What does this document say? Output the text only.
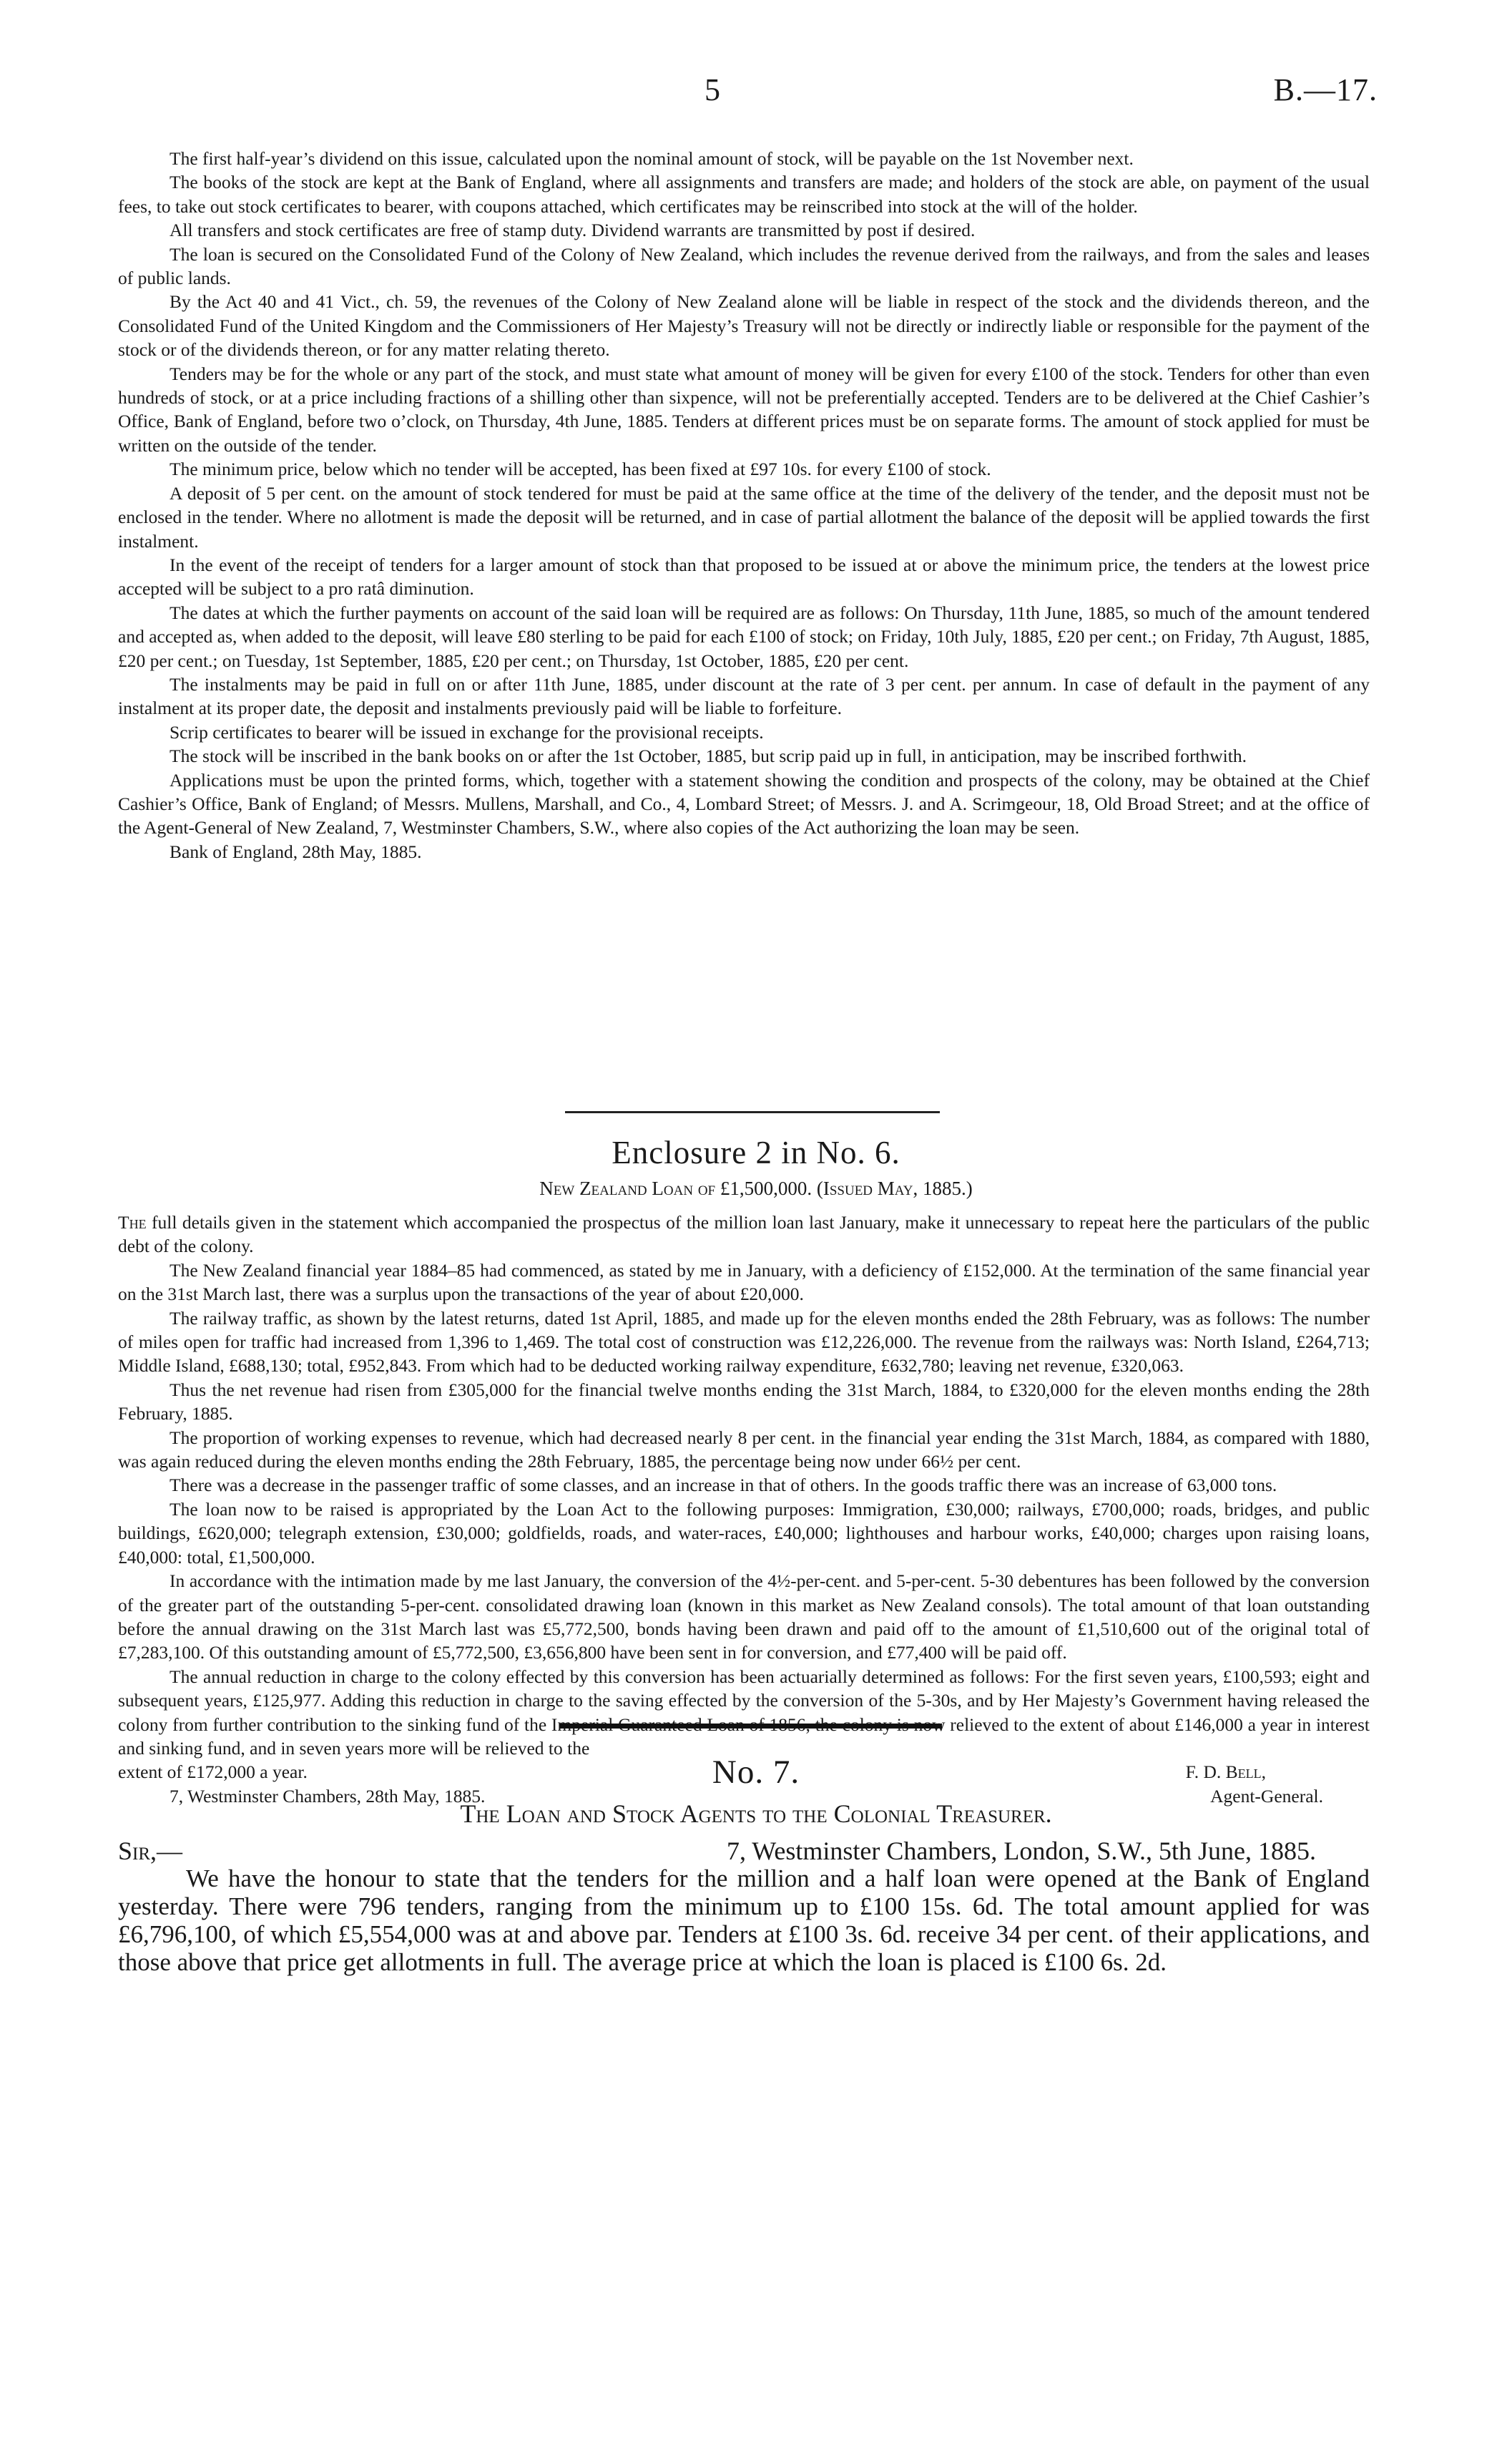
5	B.—17.

The first half-year’s dividend on this issue, calculated upon the nominal amount of stock, will be payable on the 1st November next.

The books of the stock are kept at the Bank of England, where all assignments and transfers are made; and holders of the stock are able, on payment of the usual fees, to take out stock certificates to bearer, with coupons attached, which certificates may be reinscribed into stock at the will of the holder.

All transfers and stock certificates are free of stamp duty. Dividend warrants are transmitted by post if desired.

The loan is secured on the Consolidated Fund of the Colony of New Zealand, which includes the revenue derived from the railways, and from the sales and leases of public lands.

By the Act 40 and 41 Vict., ch. 59, the revenues of the Colony of New Zealand alone will be liable in respect of the stock and the dividends thereon, and the Consolidated Fund of the United Kingdom and the Commissioners of Her Majesty’s Treasury will not be directly or indirectly liable or responsible for the payment of the stock or of the dividends thereon, or for any matter relating thereto.

Tenders may be for the whole or any part of the stock, and must state what amount of money will be given for every £100 of the stock. Tenders for other than even hundreds of stock, or at a price including fractions of a shilling other than sixpence, will not be preferentially accepted. Tenders are to be delivered at the Chief Cashier’s Office, Bank of England, before two o’clock, on Thursday, 4th June, 1885. Tenders at different prices must be on separate forms. The amount of stock applied for must be written on the outside of the tender.

The minimum price, below which no tender will be accepted, has been fixed at £97 10s. for every £100 of stock.

A deposit of 5 per cent. on the amount of stock tendered for must be paid at the same office at the time of the delivery of the tender, and the deposit must not be enclosed in the tender. Where no allotment is made the deposit will be returned, and in case of partial allotment the balance of the deposit will be applied towards the first instalment.

In the event of the receipt of tenders for a larger amount of stock than that proposed to be issued at or above the minimum price, the tenders at the lowest price accepted will be subject to a pro ratâ diminution.

The dates at which the further payments on account of the said loan will be required are as follows: On Thursday, 11th June, 1885, so much of the amount tendered and accepted as, when added to the deposit, will leave £80 sterling to be paid for each £100 of stock; on Friday, 10th July, 1885, £20 per cent.; on Friday, 7th August, 1885, £20 per cent.; on Tuesday, 1st September, 1885, £20 per cent.; on Thursday, 1st October, 1885, £20 per cent.

The instalments may be paid in full on or after 11th June, 1885, under discount at the rate of 3 per cent. per annum. In case of default in the payment of any instalment at its proper date, the deposit and instalments previously paid will be liable to forfeiture.

Scrip certificates to bearer will be issued in exchange for the provisional receipts.

The stock will be inscribed in the bank books on or after the 1st October, 1885, but scrip paid up in full, in anticipation, may be inscribed forthwith.

Applications must be upon the printed forms, which, together with a statement showing the condition and prospects of the colony, may be obtained at the Chief Cashier’s Office, Bank of England; of Messrs. Mullens, Marshall, and Co., 4, Lombard Street; of Messrs. J. and A. Scrimgeour, 18, Old Broad Street; and at the office of the Agent-General of New Zealand, 7, Westminster Chambers, S.W., where also copies of the Act authorizing the loan may be seen.

Bank of England, 28th May, 1885.

Enclosure 2 in No. 6.
New Zealand Loan of £1,500,000. (Issued May, 1885.)

The full details given in the statement which accompanied the prospectus of the million loan last January, make it unnecessary to repeat here the particulars of the public debt of the colony.

The New Zealand financial year 1884–85 had commenced, as stated by me in January, with a deficiency of £152,000. At the termination of the same financial year on the 31st March last, there was a surplus upon the transactions of the year of about £20,000.

The railway traffic, as shown by the latest returns, dated 1st April, 1885, and made up for the eleven months ended the 28th February, was as follows: The number of miles open for traffic had increased from 1,396 to 1,469. The total cost of construction was £12,226,000. The revenue from the railways was: North Island, £264,713; Middle Island, £688,130; total, £952,843. From which had to be deducted working railway expenditure, £632,780; leaving net revenue, £320,063.

Thus the net revenue had risen from £305,000 for the financial twelve months ending the 31st March, 1884, to £320,000 for the eleven months ending the 28th February, 1885.

The proportion of working expenses to revenue, which had decreased nearly 8 per cent. in the financial year ending the 31st March, 1884, as compared with 1880, was again reduced during the eleven months ending the 28th February, 1885, the percentage being now under 66½ per cent.

There was a decrease in the passenger traffic of some classes, and an increase in that of others. In the goods traffic there was an increase of 63,000 tons.

The loan now to be raised is appropriated by the Loan Act to the following purposes: Immigration, £30,000; railways, £700,000; roads, bridges, and public buildings, £620,000; telegraph extension, £30,000; goldfields, roads, and water-races, £40,000; lighthouses and harbour works, £40,000; charges upon raising loans, £40,000: total, £1,500,000.

In accordance with the intimation made by me last January, the conversion of the 4½-per-cent. and 5-per-cent. 5-30 debentures has been followed by the conversion of the greater part of the outstanding 5-per-cent. consolidated drawing loan (known in this market as New Zealand consols). The total amount of that loan outstanding before the annual drawing on the 31st March last was £5,772,500, bonds having been drawn and paid off to the amount of £1,510,600 out of the original total of £7,283,100. Of this outstanding amount of £5,772,500, £3,656,800 have been sent in for conversion, and £77,400 will be paid off.

The annual reduction in charge to the colony effected by this conversion has been actuarially determined as follows: For the first seven years, £100,593; eight and subsequent years, £125,977. Adding this reduction in charge to the saving effected by the conversion of the 5-30s, and by Her Majesty’s Government having released the colony from further contribution to the sinking fund of the Imperial Guaranteed Loan of 1856, the colony is now relieved to the extent of about £146,000 a year in interest and sinking fund, and in seven years more will be relieved to the

extent of £172,000 a year.	F. D. Bell,
7, Westminster Chambers, 28th May, 1885.	Agent-General.
No. 7.
The Loan and Stock Agents to the Colonial Treasurer.
Sir,—	7, Westminster Chambers, London, S.W., 5th June, 1885.

We have the honour to state that the tenders for the million and a half loan were opened at the Bank of England yesterday. There were 796 tenders, ranging from the minimum up to £100 15s. 6d. The total amount applied for was £6,796,100, of which £5,554,000 was at and above par. Tenders at £100 3s. 6d. receive 34 per cent. of their applications, and those above that price get allotments in full. The average price at which the loan is placed is £100 6s. 2d.
